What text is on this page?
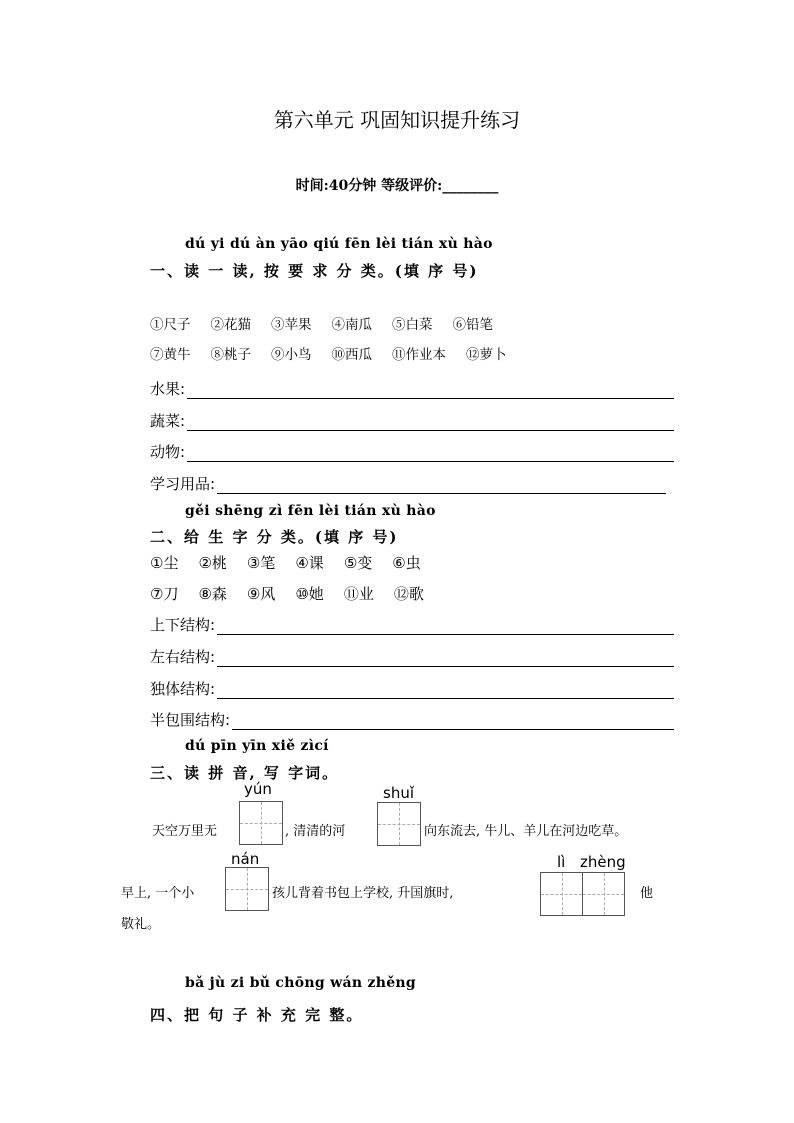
第六单元 巩固知识提升练习
时间:40分钟 等级评价:________
dú yi dú àn yāo qiú fēn lèi tián xù hào
一、读 一 读, 按 要 求 分 类。(填 序 号)
①尺子 ②花猫 ③苹果 ④南瓜 ⑤白菜 ⑥铅笔
⑦黄牛 ⑧桃子 ⑨小鸟 ⑩西瓜 ⑪作业本 ⑫萝卜
水果:
蔬菜:
动物:
学习用品:
gěi shēng zì fēn lèi tián xù hào
二、给 生 字 分 类。(填 序 号)
①尘 ②桃 ③笔 ④课 ⑤变 ⑥虫
⑦刀 ⑧森 ⑨风 ⑩她 ⑪业 ⑫歌
上下结构:
左右结构:
独体结构:
半包围结构:
dú pīn yīn xiě zìcí
三、读 拼 音, 写 字词。
yún	shuǐ
天空万里无	, 清清的河	向东流去, 牛儿、羊儿在河边吃草。
nán	lì zhèng
早上, 一个小	孩儿背着书包上学校, 升国旗时,	他
敬礼。
bǎ jù zi bǔ chōng wán zhěng
四、把 句 子 补 充 完 整。
